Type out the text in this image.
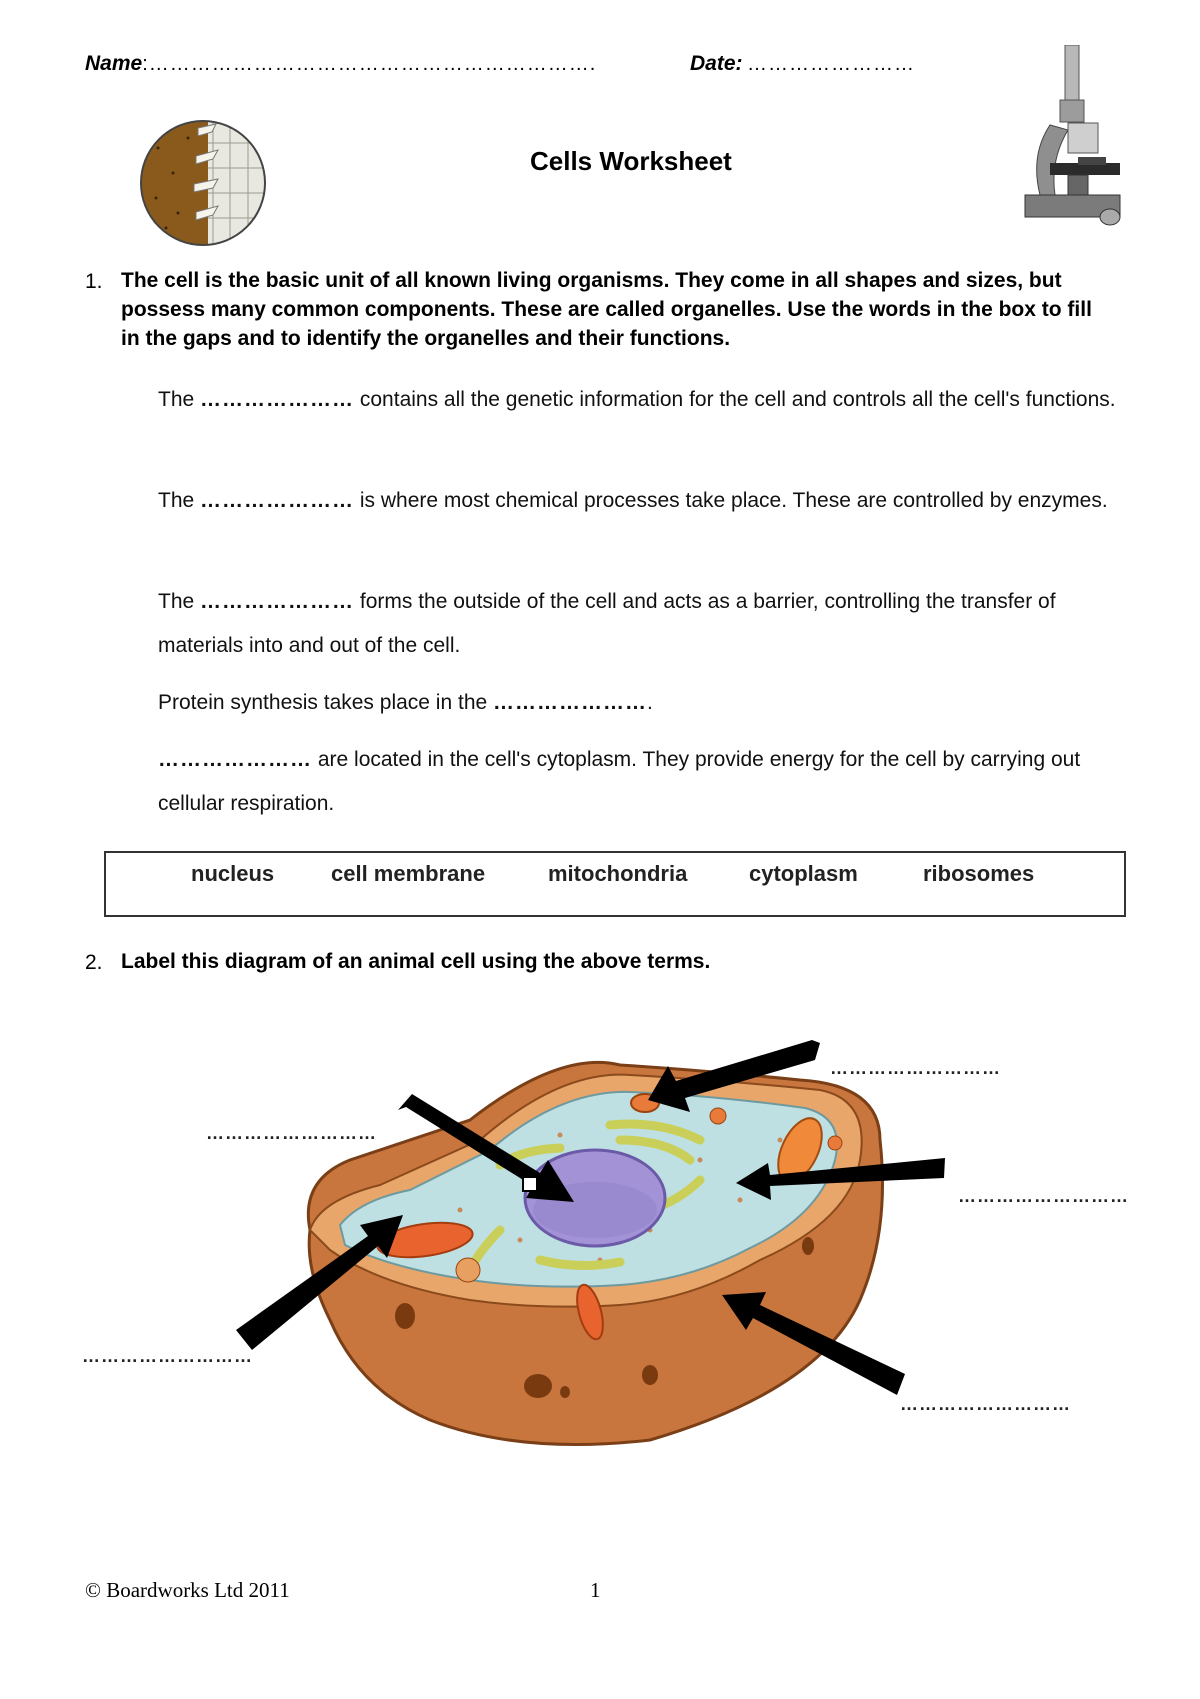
Name:……………………………………………………….	Date: ……………………
Cells Worksheet
1. The cell is the basic unit of all known living organisms. They come in all shapes and sizes, but possess many common components. These are called organelles. Use the words in the box to fill in the gaps and to identify the organelles and their functions.
The ………………… contains all the genetic information for the cell and controls all the cell's functions.
The ………………… is where most chemical processes take place. These are controlled by enzymes.
The ………………… forms the outside of the cell and acts as a barrier, controlling the transfer of materials into and out of the cell.
Protein synthesis takes place in the ………………….
………………… are located in the cell's cytoplasm. They provide energy for the cell by carrying out cellular respiration.
nucleus	cell membrane	mitochondria	cytoplasm	ribosomes
2. Label this diagram of an animal cell using the above terms.
………………………
………………………
………………………
………………………
………………………
© Boardworks Ltd 2011	1
